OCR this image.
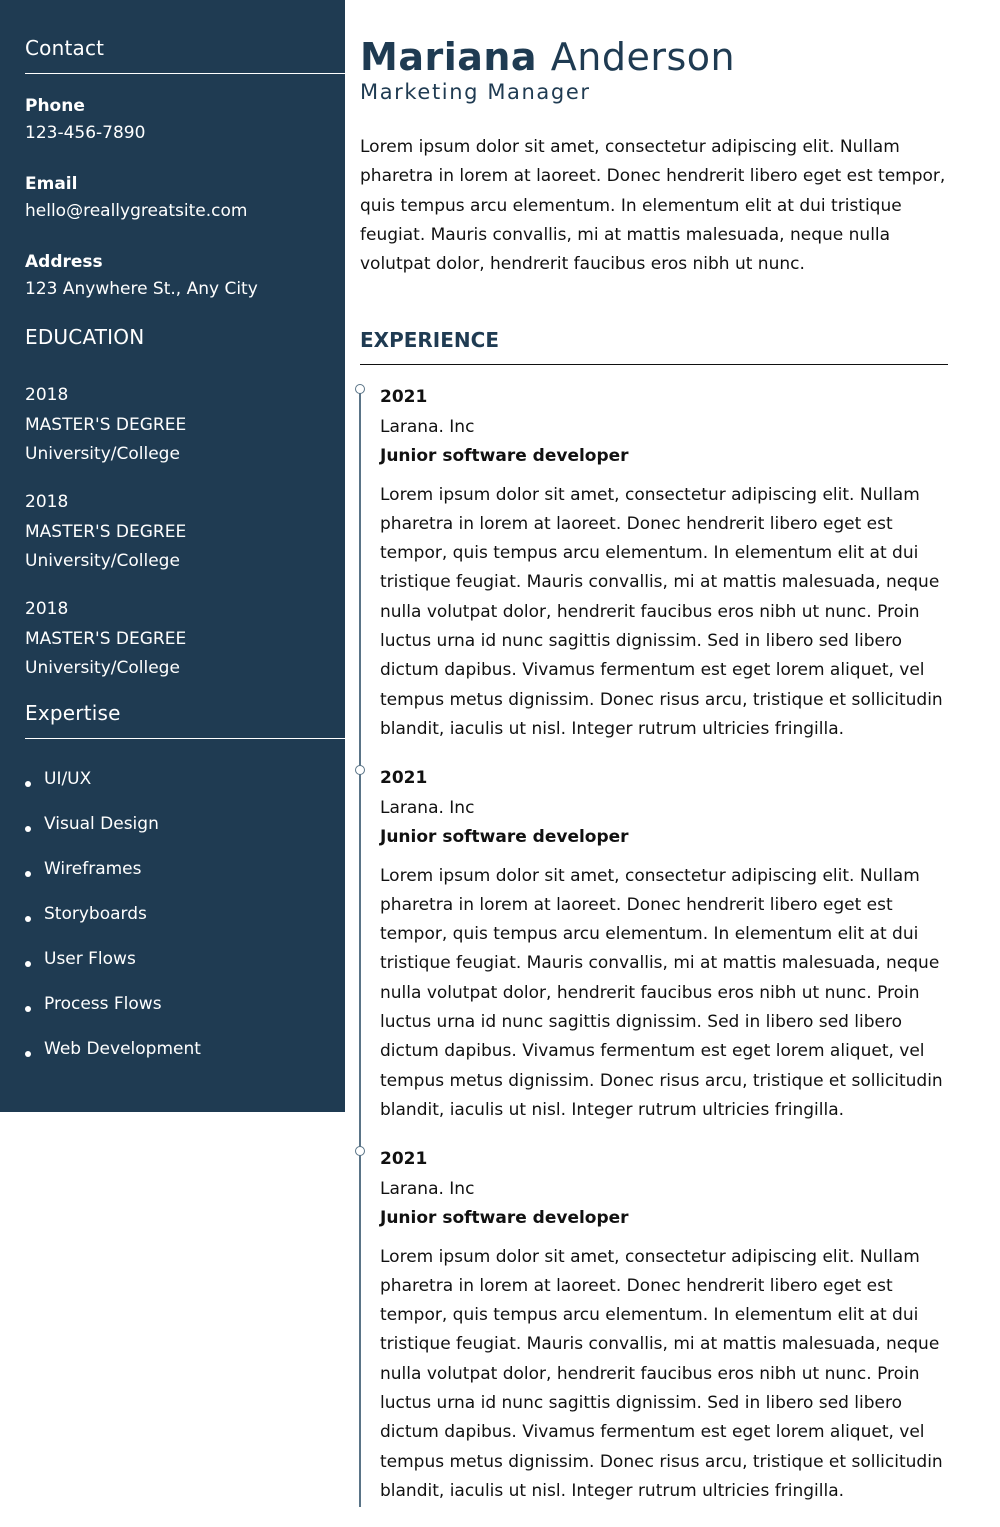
Contact
Phone
123-456-7890
Email
hello@reallygreatsite.com
Address
123 Anywhere St., Any City
EDUCATION
2018
MASTER'S DEGREE
University/College
2018
MASTER'S DEGREE
University/College
2018
MASTER'S DEGREE
University/College
Expertise
UI/UX
Visual Design
Wireframes
Storyboards
User Flows
Process Flows
Web Development
Mariana Anderson
Marketing Manager

Lorem ipsum dolor sit amet, consectetur adipiscing elit. Nullam pharetra in lorem at laoreet. Donec hendrerit libero eget est tempor, quis tempus arcu elementum. In elementum elit at dui tristique feugiat. Mauris convallis, mi at mattis malesuada, neque nulla volutpat dolor, hendrerit faucibus eros nibh ut nunc.

EXPERIENCE
2021
Larana. Inc
Junior software developer

Lorem ipsum dolor sit amet, consectetur adipiscing elit. Nullam pharetra in lorem at laoreet. Donec hendrerit libero eget est tempor, quis tempus arcu elementum. In elementum elit at dui tristique feugiat. Mauris convallis, mi at mattis malesuada, neque nulla volutpat dolor, hendrerit faucibus eros nibh ut nunc. Proin luctus urna id nunc sagittis dignissim. Sed in libero sed libero dictum dapibus. Vivamus fermentum est eget lorem aliquet, vel tempus metus dignissim. Donec risus arcu, tristique et sollicitudin blandit, iaculis ut nisl. Integer rutrum ultricies fringilla.

2021
Larana. Inc
Junior software developer

Lorem ipsum dolor sit amet, consectetur adipiscing elit. Nullam pharetra in lorem at laoreet. Donec hendrerit libero eget est tempor, quis tempus arcu elementum. In elementum elit at dui tristique feugiat. Mauris convallis, mi at mattis malesuada, neque nulla volutpat dolor, hendrerit faucibus eros nibh ut nunc. Proin luctus urna id nunc sagittis dignissim. Sed in libero sed libero dictum dapibus. Vivamus fermentum est eget lorem aliquet, vel tempus metus dignissim. Donec risus arcu, tristique et sollicitudin blandit, iaculis ut nisl. Integer rutrum ultricies fringilla.

2021
Larana. Inc
Junior software developer

Lorem ipsum dolor sit amet, consectetur adipiscing elit. Nullam pharetra in lorem at laoreet. Donec hendrerit libero eget est tempor, quis tempus arcu elementum. In elementum elit at dui tristique feugiat. Mauris convallis, mi at mattis malesuada, neque nulla volutpat dolor, hendrerit faucibus eros nibh ut nunc. Proin luctus urna id nunc sagittis dignissim. Sed in libero sed libero dictum dapibus. Vivamus fermentum est eget lorem aliquet, vel tempus metus dignissim. Donec risus arcu, tristique et sollicitudin blandit, iaculis ut nisl. Integer rutrum ultricies fringilla.
